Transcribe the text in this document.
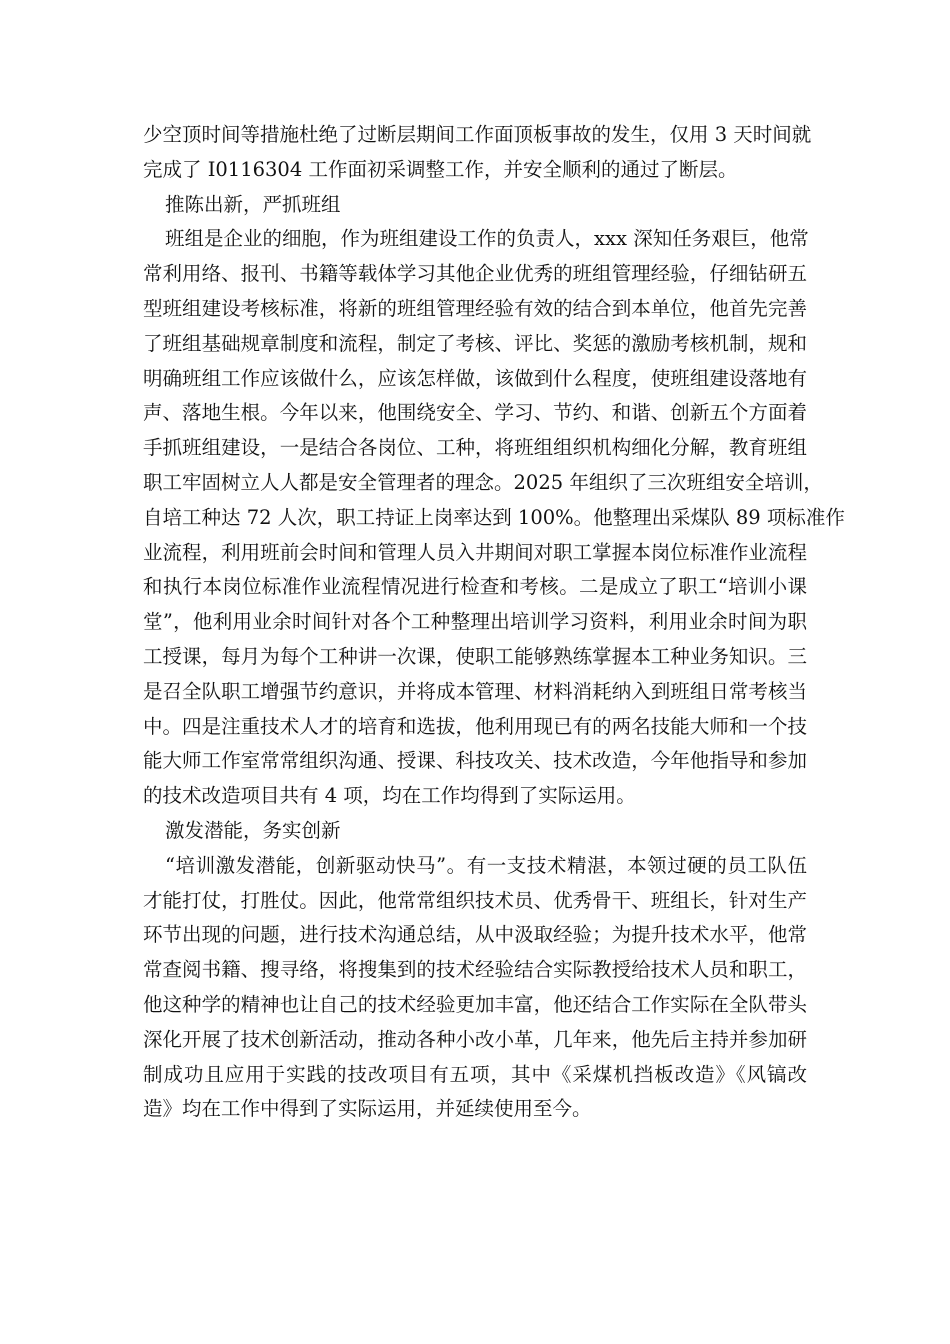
少空顶时间等措施杜绝了过断层期间工作面顶板事故的发生，仅用 3 天时间就
完成了 I0116304 工作面初采调整工作，并安全顺利的通过了断层。
推陈出新，严抓班组
班组是企业的细胞，作为班组建设工作的负责人，xxx 深知任务艰巨，他常
常利用络、报刊、书籍等载体学习其他企业优秀的班组管理经验，仔细钻研五
型班组建设考核标准，将新的班组管理经验有效的结合到本单位，他首先完善
了班组基础规章制度和流程，制定了考核、评比、奖惩的激励考核机制，规和
明确班组工作应该做什么，应该怎样做，该做到什么程度，使班组建设落地有
声、落地生根。今年以来，他围绕安全、学习、节约、和谐、创新五个方面着
手抓班组建设，一是结合各岗位、工种，将班组组织机构细化分解，教育班组
职工牢固树立人人都是安全管理者的理念。2025 年组织了三次班组安全培训，
自培工种达 72 人次，职工持证上岗率达到 100%。他整理出采煤队 89 项标准作
业流程，利用班前会时间和管理人员入井期间对职工掌握本岗位标准作业流程
和执行本岗位标准作业流程情况进行检查和考核。二是成立了职工“培训小课
堂”，他利用业余时间针对各个工种整理出培训学习资料，利用业余时间为职
工授课，每月为每个工种讲一次课，使职工能够熟练掌握本工种业务知识。三
是召全队职工增强节约意识，并将成本管理、材料消耗纳入到班组日常考核当
中。四是注重技术人才的培育和选拔，他利用现已有的两名技能大师和一个技
能大师工作室常常组织沟通、授课、科技攻关、技术改造，今年他指导和参加
的技术改造项目共有 4 项，均在工作均得到了实际运用。
激发潜能，务实创新
“培训激发潜能，创新驱动快马”。有一支技术精湛，本领过硬的员工队伍
才能打仗，打胜仗。因此，他常常组织技术员、优秀骨干、班组长，针对生产
环节出现的问题，进行技术沟通总结，从中汲取经验；为提升技术水平，他常
常查阅书籍、搜寻络，将搜集到的技术经验结合实际教授给技术人员和职工，
他这种学的精神也让自己的技术经验更加丰富，他还结合工作实际在全队带头
深化开展了技术创新活动，推动各种小改小革，几年来，他先后主持并参加研
制成功且应用于实践的技改项目有五项，其中《采煤机挡板改造》《风镐改
造》均在工作中得到了实际运用，并延续使用至今。
